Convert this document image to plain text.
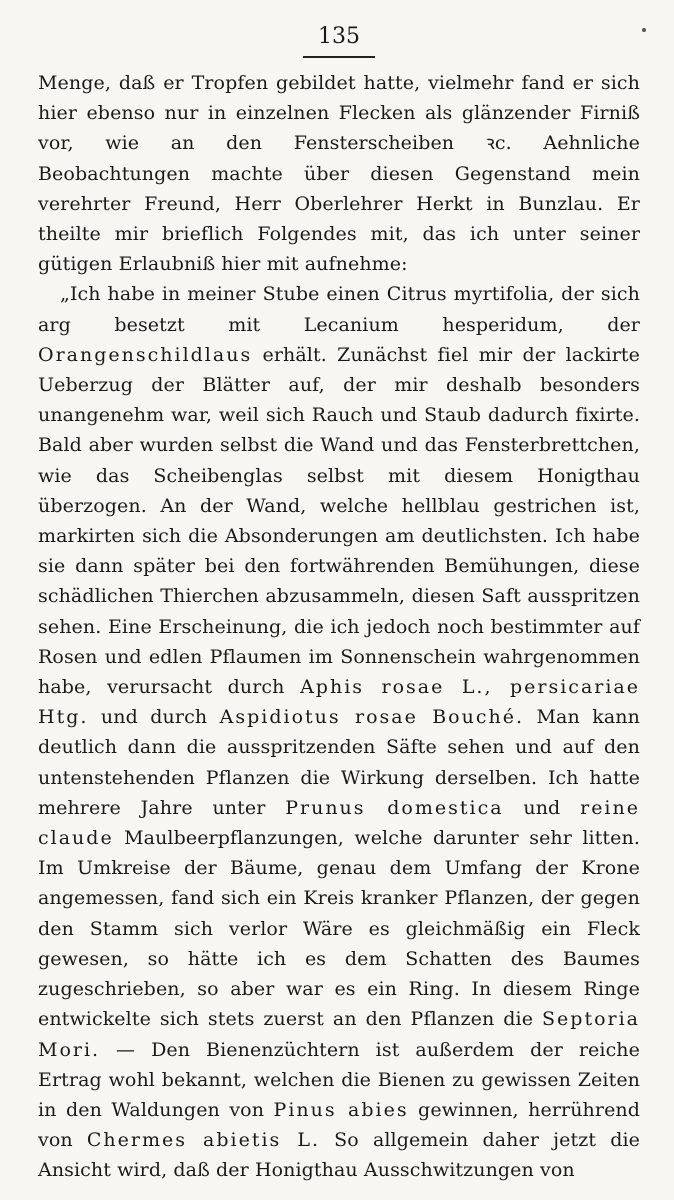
135

Menge, daß er Tropfen gebildet hatte, vielmehr fand er sich hier ebenso nur in einzelnen Flecken als glänzender Firniß vor, wie an den Fensterscheiben ꝛc. Aehnliche Beobachtungen machte über diesen Gegenstand mein verehrter Freund, Herr Oberlehrer Herkt in Bunzlau. Er theilte mir brieflich Folgendes mit, das ich unter seiner gütigen Erlaubniß hier mit aufnehme:

„Ich habe in meiner Stube einen Citrus myrtifolia, der sich arg besetzt mit Lecanium hesperidum, der Orangenschildlaus erhält. Zunächst fiel mir der lackirte Ueberzug der Blätter auf, der mir deshalb besonders unangenehm war, weil sich Rauch und Staub dadurch fixirte. Bald aber wurden selbst die Wand und das Fensterbrettchen, wie das Scheibenglas selbst mit diesem Honigthau überzogen. An der Wand, welche hellblau gestrichen ist, markirten sich die Absonderungen am deutlichsten. Ich habe sie dann später bei den fortwährenden Bemühungen, diese schädlichen Thierchen abzusammeln, diesen Saft ausspritzen sehen. Eine Erscheinung, die ich jedoch noch bestimmter auf Rosen und edlen Pflaumen im Sonnenschein wahrgenommen habe, verursacht durch Aphis rosae L., persicariae Htg. und durch Aspidiotus rosae Bouché. Man kann deutlich dann die ausspritzenden Säfte sehen und auf den untenstehenden Pflanzen die Wirkung derselben. Ich hatte mehrere Jahre unter Prunus domestica und reine claude Maulbeerpflanzungen, welche darunter sehr litten. Im Umkreise der Bäume, genau dem Umfang der Krone angemessen, fand sich ein Kreis kranker Pflanzen, der gegen den Stamm sich verlor Wäre es gleichmäßig ein Fleck gewesen, so hätte ich es dem Schatten des Baumes zugeschrieben, so aber war es ein Ring. In diesem Ringe entwickelte sich stets zuerst an den Pflanzen die Septoria Mori. — Den Bienenzüchtern ist außerdem der reiche Ertrag wohl bekannt, welchen die Bienen zu gewissen Zeiten in den Waldungen von Pinus abies gewinnen, herrührend von Chermes abietis L. So allgemein daher jetzt die Ansicht wird, daß der Honigthau Ausschwitzungen von
